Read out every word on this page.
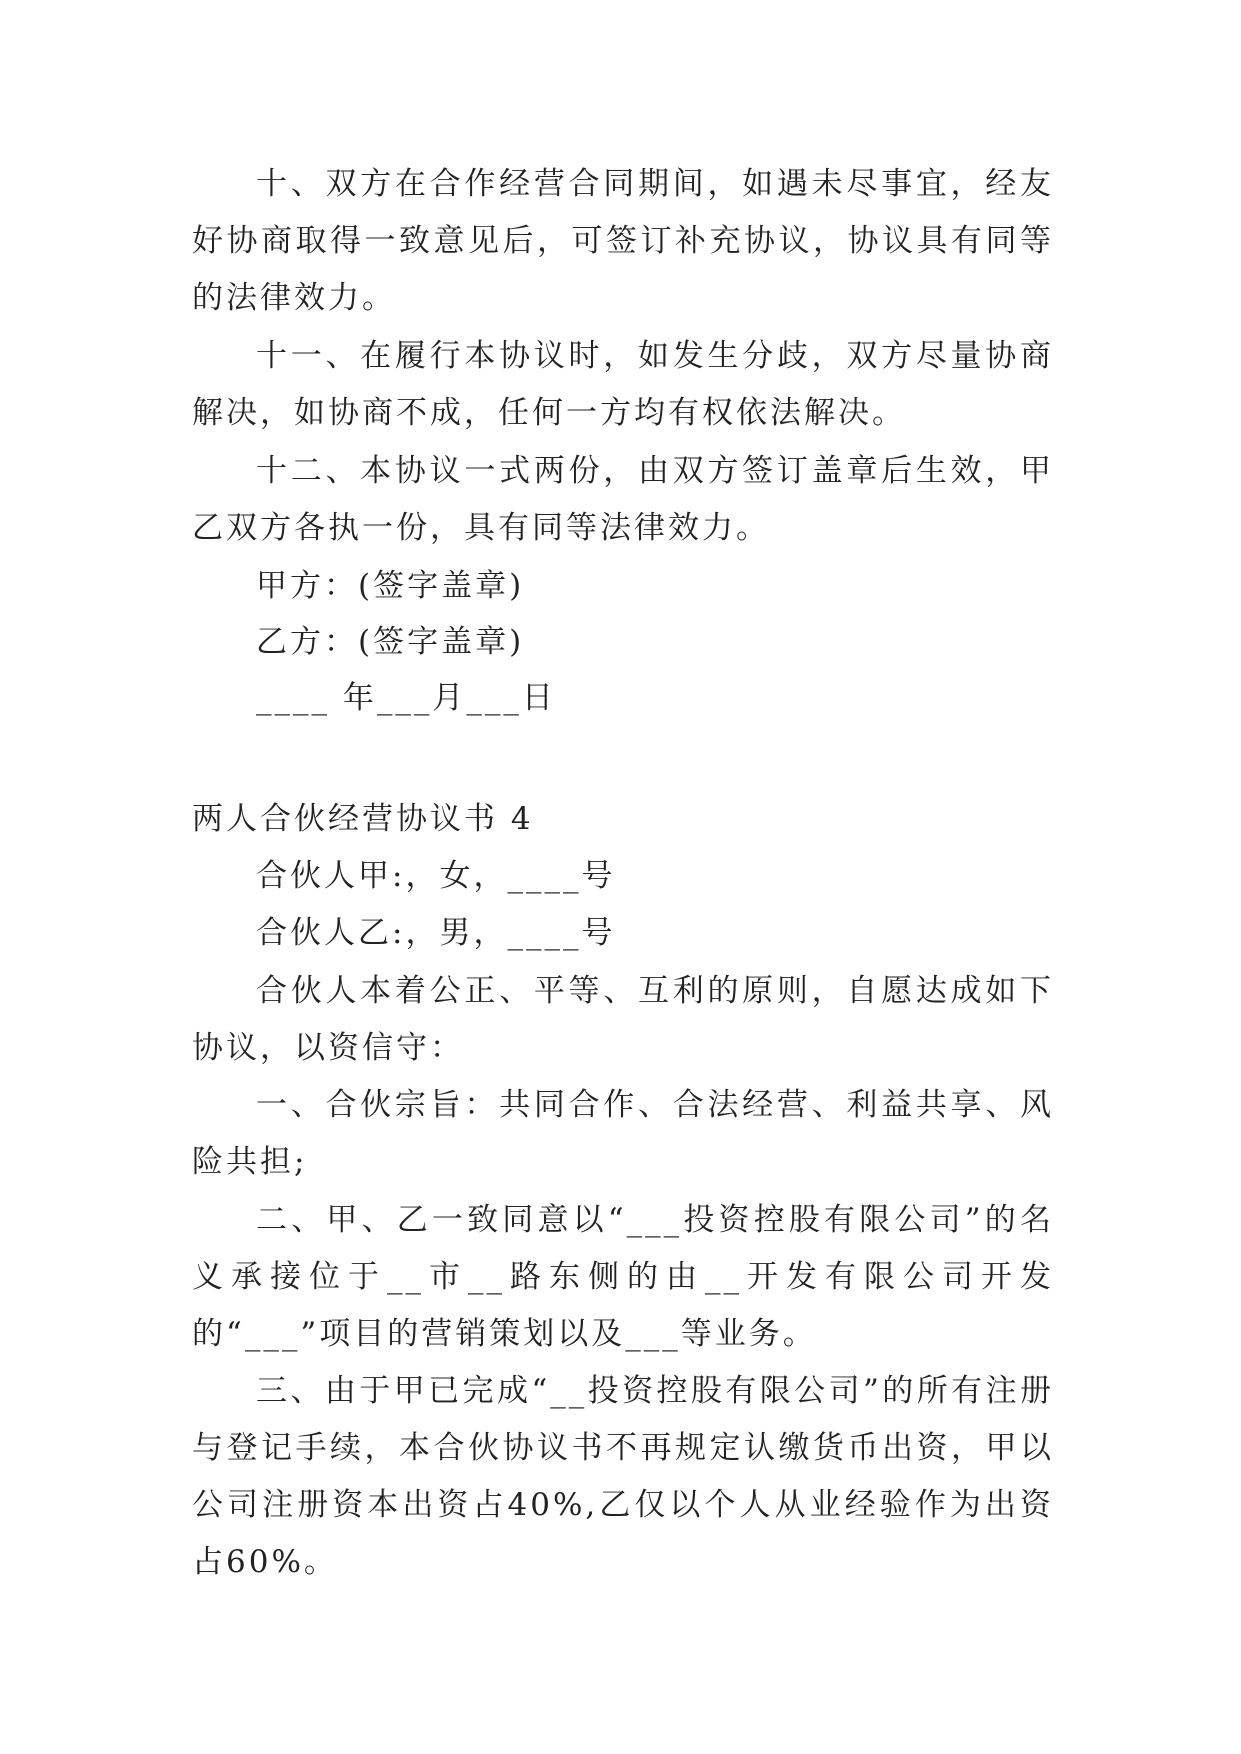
十、双方在合作经营合同期间，如遇未尽事宜，经友好协商取得一致意见后，可签订补充协议，协议具有同等的法律效力。

十一、在履行本协议时，如发生分歧，双方尽量协商解决，如协商不成，任何一方均有权依法解决。

十二、本协议一式两份，由双方签订盖章后生效，甲乙双方各执一份，具有同等法律效力。

甲方：(签字盖章)

乙方：(签字盖章)

____ 年___月___日

两人合伙经营协议书 4

合伙人甲:，女，____号

合伙人乙:，男，____号

合伙人本着公正、平等、互利的原则，自愿达成如下协议，以资信守：

一、合伙宗旨：共同合作、合法经营、利益共享、风险共担;

二、甲、乙一致同意以“___投资控股有限公司”的名义承接位于__市__路东侧的由__开发有限公司开发的“___”项目的营销策划以及___等业务。

三、由于甲已完成“__投资控股有限公司”的所有注册与登记手续，本合伙协议书不再规定认缴货币出资，甲以公司注册资本出资占40%,乙仅以个人从业经验作为出资占60%。
